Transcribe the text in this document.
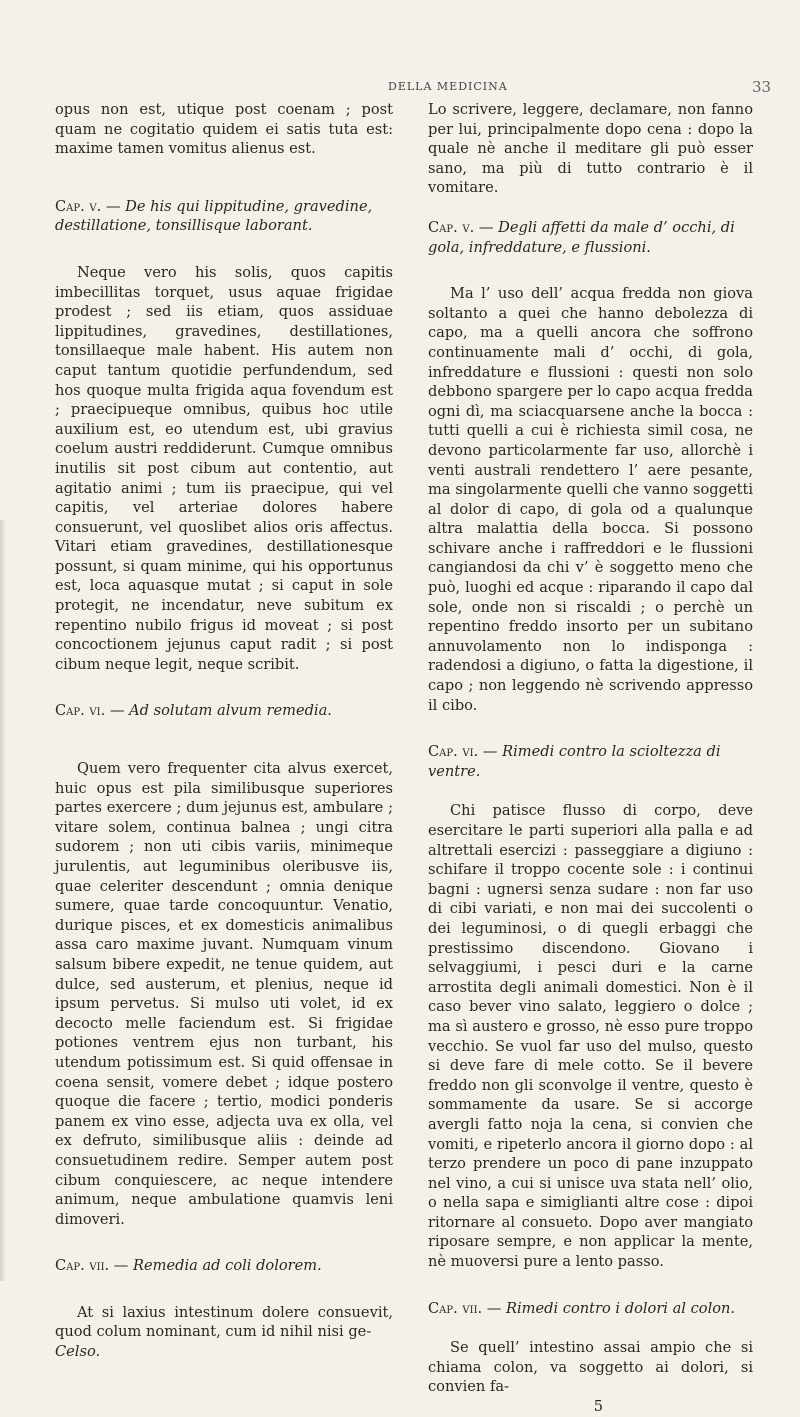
DELLA MEDICINA	33

opus non est, utique post coenam ; post quam ne cogitatio quidem ei satis tuta est: maxime tamen vomitus alienus est.

Cap. v. — De his qui lippitudine, gravedine, destillatione, tonsillisque laborant.

Neque vero his solis, quos capitis imbecillitas torquet, usus aquae frigidae prodest ; sed iis etiam, quos assiduae lippitudines, gravedines, destillationes, tonsillaeque male habent. His autem non caput tantum quotidie perfundendum, sed hos quoque multa frigida aqua fovendum est ; praecipueque omnibus, quibus hoc utile auxilium est, eo utendum est, ubi gravius coelum austri reddiderunt. Cumque omnibus inutilis sit post cibum aut contentio, aut agitatio animi ; tum iis praecipue, qui vel capitis, vel arteriae dolores habere consuerunt, vel quoslibet alios oris affectus. Vitari etiam gravedines, destillationesque possunt, si quam minime, qui his opportunus est, loca aquasque mutat ; si caput in sole protegit, ne incendatur, neve subitum ex repentino nubilo frigus id moveat ; si post concoctionem jejunus caput radit ; si post cibum neque legit, neque scribit.

Cap. vi. — Ad solutam alvum remedia.

Quem vero frequenter cita alvus exercet, huic opus est pila similibusque superiores partes exercere ; dum jejunus est, ambulare ; vitare solem, continua balnea ; ungi citra sudorem ; non uti cibis variis, minimeque jurulentis, aut leguminibus oleribusve iis, quae celeriter descendunt ; omnia denique sumere, quae tarde concoquuntur. Venatio, durique pisces, et ex domesticis animalibus assa caro maxime juvant. Numquam vinum salsum bibere expedit, ne tenue quidem, aut dulce, sed austerum, et plenius, neque id ipsum pervetus. Si mulso uti volet, id ex decocto melle faciendum est. Si frigidae potiones ventrem ejus non turbant, his utendum potissimum est. Si quid offensae in coena sensit, vomere debet ; idque postero quoque die facere ; tertio, modici ponderis panem ex vino esse, adjecta uva ex olla, vel ex defruto, similibusque aliis : deinde ad consuetudinem redire. Semper autem post cibum conquiescere, ac neque intendere animum, neque ambulatione quamvis leni dimoveri.

Cap. vii. — Remedia ad coli dolorem.

At si laxius intestinum dolere consuevit, quod colum nominant, cum id nihil nisi ge-

Celso.

Lo scrivere, leggere, declamare, non fanno per lui, principalmente dopo cena : dopo la quale nè anche il meditare gli può esser sano, ma più di tutto contrario è il vomitare.

Cap. v. — Degli affetti da male d’ occhi, di gola, infreddature, e flussioni.

Ma l’ uso dell’ acqua fredda non giova soltanto a quei che hanno debolezza di capo, ma a quelli ancora che soffrono continuamente mali d’ occhi, di gola, infreddature e flussioni : questi non solo debbono spargere per lo capo acqua fredda ogni dì, ma sciacquarsene anche la bocca : tutti quelli a cui è richiesta simil cosa, ne devono particolarmente far uso, allorchè i venti australi rendettero l’ aere pesante, ma singolarmente quelli che vanno soggetti al dolor di capo, di gola od a qualunque altra malattia della bocca. Si possono schivare anche i raffreddori e le flussioni cangiandosi da chi v’ è soggetto meno che può, luoghi ed acque : riparando il capo dal sole, onde non si riscaldi ; o perchè un repentino freddo insorto per un subitano annuvolamento non lo indisponga : radendosi a digiuno, o fatta la digestione, il capo ; non leggendo nè scrivendo appresso il cibo.

Cap. vi. — Rimedi contro la scioltezza di ventre.

Chi patisce flusso di corpo, deve esercitare le parti superiori alla palla e ad altrettali esercizi : passeggiare a digiuno : schifare il troppo cocente sole : i continui bagni : ugnersi senza sudare : non far uso di cibi variati, e non mai dei succolenti o dei leguminosi, o di quegli erbaggi che prestissimo discendono. Giovano i selvaggiumi, i pesci duri e la carne arrostita degli animali domestici. Non è il caso bever vino salato, leggiero o dolce ; ma sì austero e grosso, nè esso pure troppo vecchio. Se vuol far uso del mulso, questo si deve fare di mele cotto. Se il bevere freddo non gli sconvolge il ventre, questo è sommamente da usare. Se si accorge avergli fatto noja la cena, si convien che vomiti, e ripeterlo ancora il giorno dopo : al terzo prendere un poco di pane inzuppato nel vino, a cui si unisce uva stata nell’ olio, o nella sapa e simiglianti altre cose : dipoi ritornare al consueto. Dopo aver mangiato riposare sempre, e non applicar la mente, nè muoversi pure a lento passo.

Cap. vii. — Rimedi contro i dolori al colon.

Se quell’ intestino assai ampio che si chiama colon, va soggetto ai dolori, si convien fa-

5
